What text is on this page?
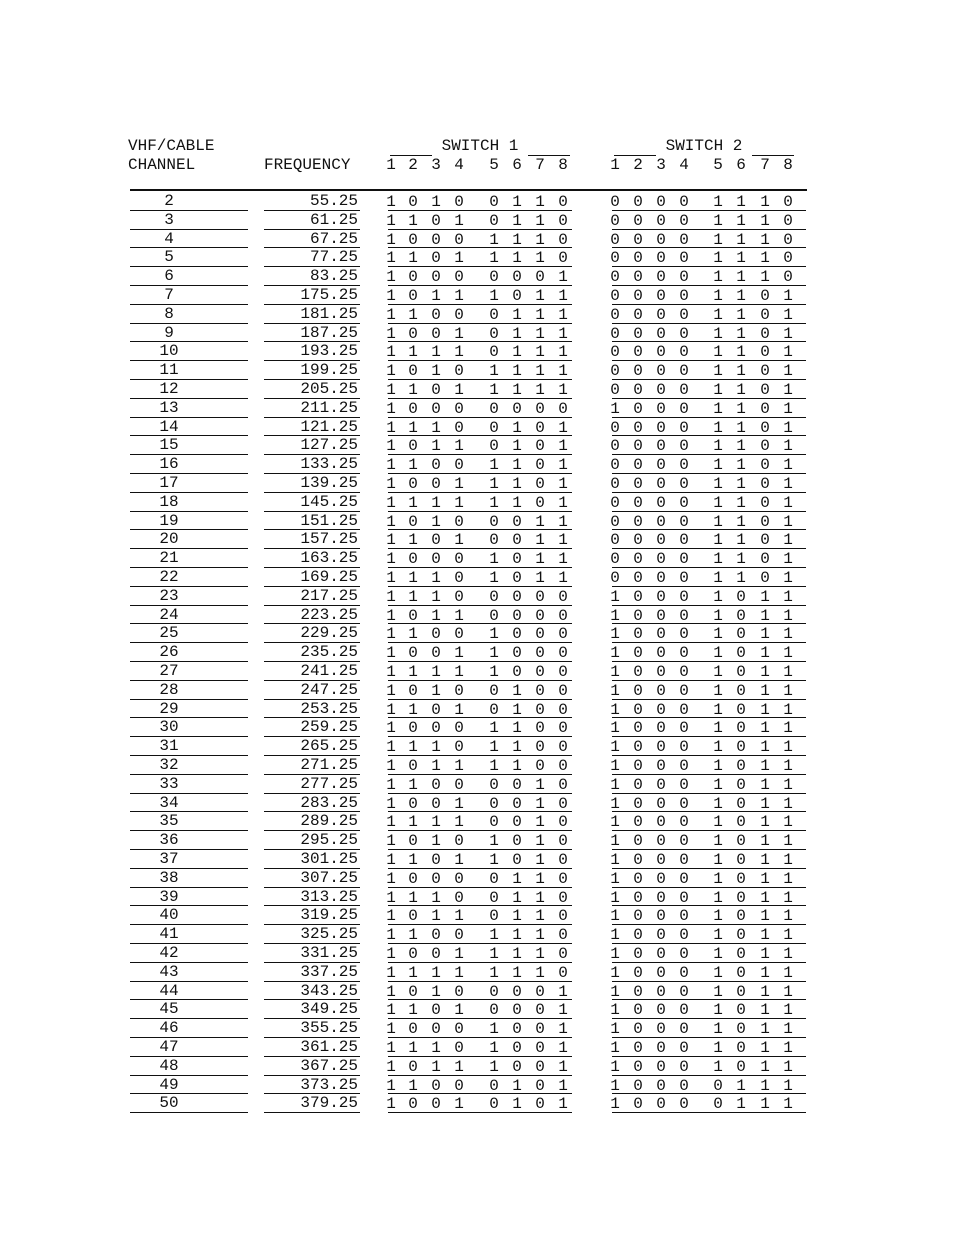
VHF/CABLE
CHANNEL	FREQUENCY
SWITCH 1	SWITCH 2
1 2 3 4	5 6 7 8	1 2 3 4	5 6 7 8
2	55.25 1 0 1 0 0 1 1 0	0 0 0 0 1 1 1 0
3	61.25 1 1 0 1 0 1 1 0	0 0 0 0 1 1 1 0
4	67.25 1 0 0 0 1 1 1 0	0 0 0 0 1 1 1 0
5	77.25 1 1 0 1 1 1 1 0	0 0 0 0 1 1 1 0
6	83.25 1 0 0 0 0 0 0 1	0 0 0 0 1 1 1 0
7	175.25 1 0 1 1 1 0 1 1	0 0 0 0 1 1 0 1
8	181.25 1 1 0 0 0 1 1 1	0 0 0 0 1 1 0 1
9	187.25 1 0 0 1 0 1 1 1	0 0 0 0 1 1 0 1
10	193.25 1 1 1 1 0 1 1 1	0 0 0 0 1 1 0 1
11	199.25 1 0 1 0 1 1 1 1	0 0 0 0 1 1 0 1
12	205.25 1 1 0 1 1 1 1 1	0 0 0 0 1 1 0 1
13	211.25 1 0 0 0 0 0 0 0	1 0 0 0 1 1 0 1
14	121.25 1 1 1 0 0 1 0 1	0 0 0 0 1 1 0 1
15	127.25 1 0 1 1 0 1 0 1	0 0 0 0 1 1 0 1
16	133.25 1 1 0 0 1 1 0 1	0 0 0 0 1 1 0 1
17	139.25 1 0 0 1 1 1 0 1	0 0 0 0 1 1 0 1
18	145.25 1 1 1 1 1 1 0 1	0 0 0 0 1 1 0 1
19	151.25 1 0 1 0 0 0 1 1	0 0 0 0 1 1 0 1
20	157.25 1 1 0 1 0 0 1 1	0 0 0 0 1 1 0 1
21	163.25 1 0 0 0 1 0 1 1	0 0 0 0 1 1 0 1
22	169.25 1 1 1 0 1 0 1 1	0 0 0 0 1 1 0 1
23	217.25 1 1 1 0 0 0 0 0	1 0 0 0 1 0 1 1
24	223.25 1 0 1 1 0 0 0 0	1 0 0 0 1 0 1 1
25	229.25 1 1 0 0 1 0 0 0	1 0 0 0 1 0 1 1
26	235.25 1 0 0 1 1 0 0 0	1 0 0 0 1 0 1 1
27	241.25 1 1 1 1 1 0 0 0	1 0 0 0 1 0 1 1
28	247.25 1 0 1 0 0 1 0 0	1 0 0 0 1 0 1 1
29	253.25 1 1 0 1 0 1 0 0	1 0 0 0 1 0 1 1
30	259.25 1 0 0 0 1 1 0 0	1 0 0 0 1 0 1 1
31	265.25 1 1 1 0 1 1 0 0	1 0 0 0 1 0 1 1
32	271.25 1 0 1 1 1 1 0 0	1 0 0 0 1 0 1 1
33	277.25 1 1 0 0 0 0 1 0	1 0 0 0 1 0 1 1
34	283.25 1 0 0 1 0 0 1 0	1 0 0 0 1 0 1 1
35	289.25 1 1 1 1 0 0 1 0	1 0 0 0 1 0 1 1
36	295.25 1 0 1 0 1 0 1 0	1 0 0 0 1 0 1 1
37	301.25 1 1 0 1 1 0 1 0	1 0 0 0 1 0 1 1
38	307.25 1 0 0 0 0 1 1 0	1 0 0 0 1 0 1 1
39	313.25 1 1 1 0 0 1 1 0	1 0 0 0 1 0 1 1
40	319.25 1 0 1 1 0 1 1 0	1 0 0 0 1 0 1 1
41	325.25 1 1 0 0 1 1 1 0	1 0 0 0 1 0 1 1
42	331.25 1 0 0 1 1 1 1 0	1 0 0 0 1 0 1 1
43	337.25 1 1 1 1 1 1 1 0	1 0 0 0 1 0 1 1
44	343.25 1 0 1 0 0 0 0 1	1 0 0 0 1 0 1 1
45	349.25 1 1 0 1 0 0 0 1	1 0 0 0 1 0 1 1
46	355.25 1 0 0 0 1 0 0 1	1 0 0 0 1 0 1 1
47	361.25 1 1 1 0 1 0 0 1	1 0 0 0 1 0 1 1
48	367.25 1 0 1 1 1 0 0 1	1 0 0 0 1 0 1 1
49	373.25 1 1 0 0 0 1 0 1	1 0 0 0 0 1 1 1
50	379.25 1 0 0 1 0 1 0 1	1 0 0 0 0 1 1 1
